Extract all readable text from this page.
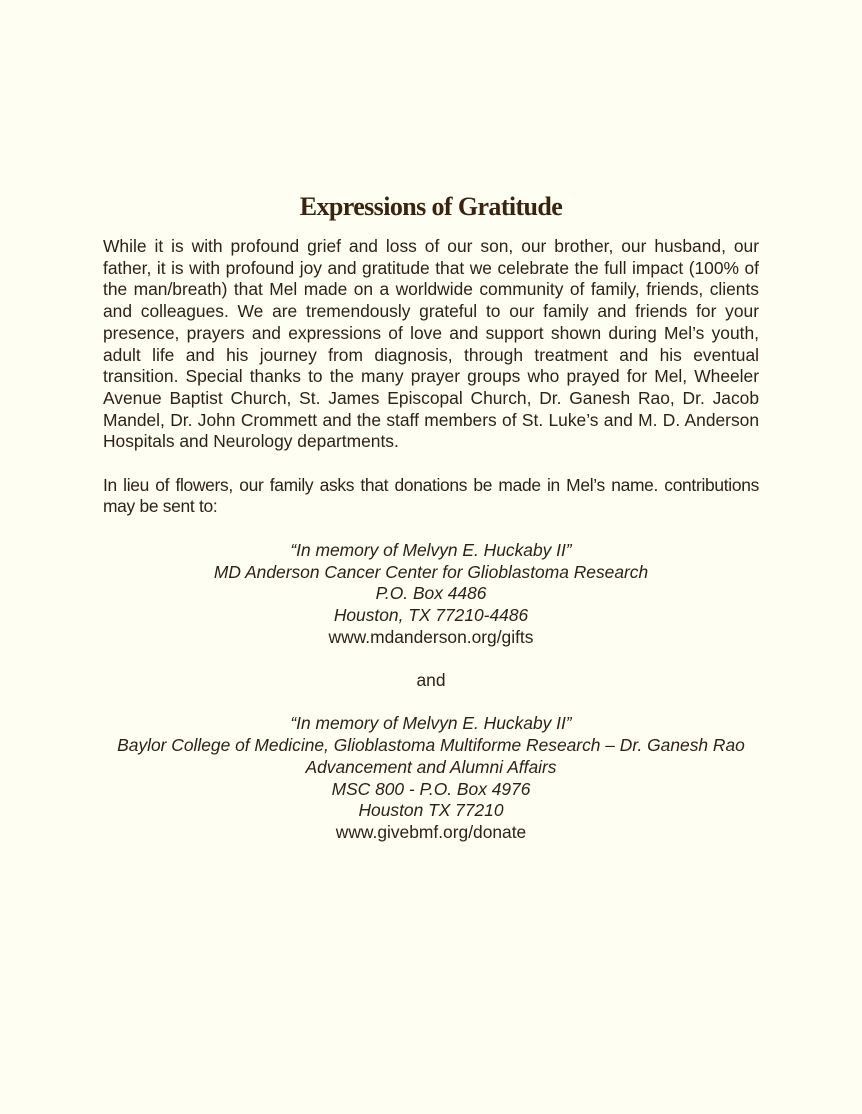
Expressions of Gratitude

While it is with profound grief and loss of our son, our brother, our husband, our father, it is with profound joy and gratitude that we celebrate the full impact (100% of the man/breath) that Mel made on a worldwide community of family, friends, clients and colleagues. We are tremendously grateful to our family and friends for your presence, prayers and expressions of love and support shown during Mel’s youth, adult life and his journey from diagnosis, through treatment and his eventual transition. Special thanks to the many prayer groups who prayed for Mel, Wheeler Avenue Baptist Church, St. James Episcopal Church, Dr. Ganesh Rao, Dr. Jacob Mandel, Dr. John Crommett and the staff members of St. Luke’s and M. D. Anderson Hospitals and Neurology departments.

In lieu of flowers, our family asks that donations be made in Mel’s name. contributions may be sent to:

“In memory of Melvyn E. Huckaby II”
MD Anderson Cancer Center for Glioblastoma Research
P.O. Box 4486
Houston, TX 77210-4486
www.mdanderson.org/gifts
and
“In memory of Melvyn E. Huckaby II”
Baylor College of Medicine, Glioblastoma Multiforme Research – Dr. Ganesh Rao
Advancement and Alumni Affairs
MSC 800 - P.O. Box 4976
Houston TX 77210
www.givebmf.org/donate
